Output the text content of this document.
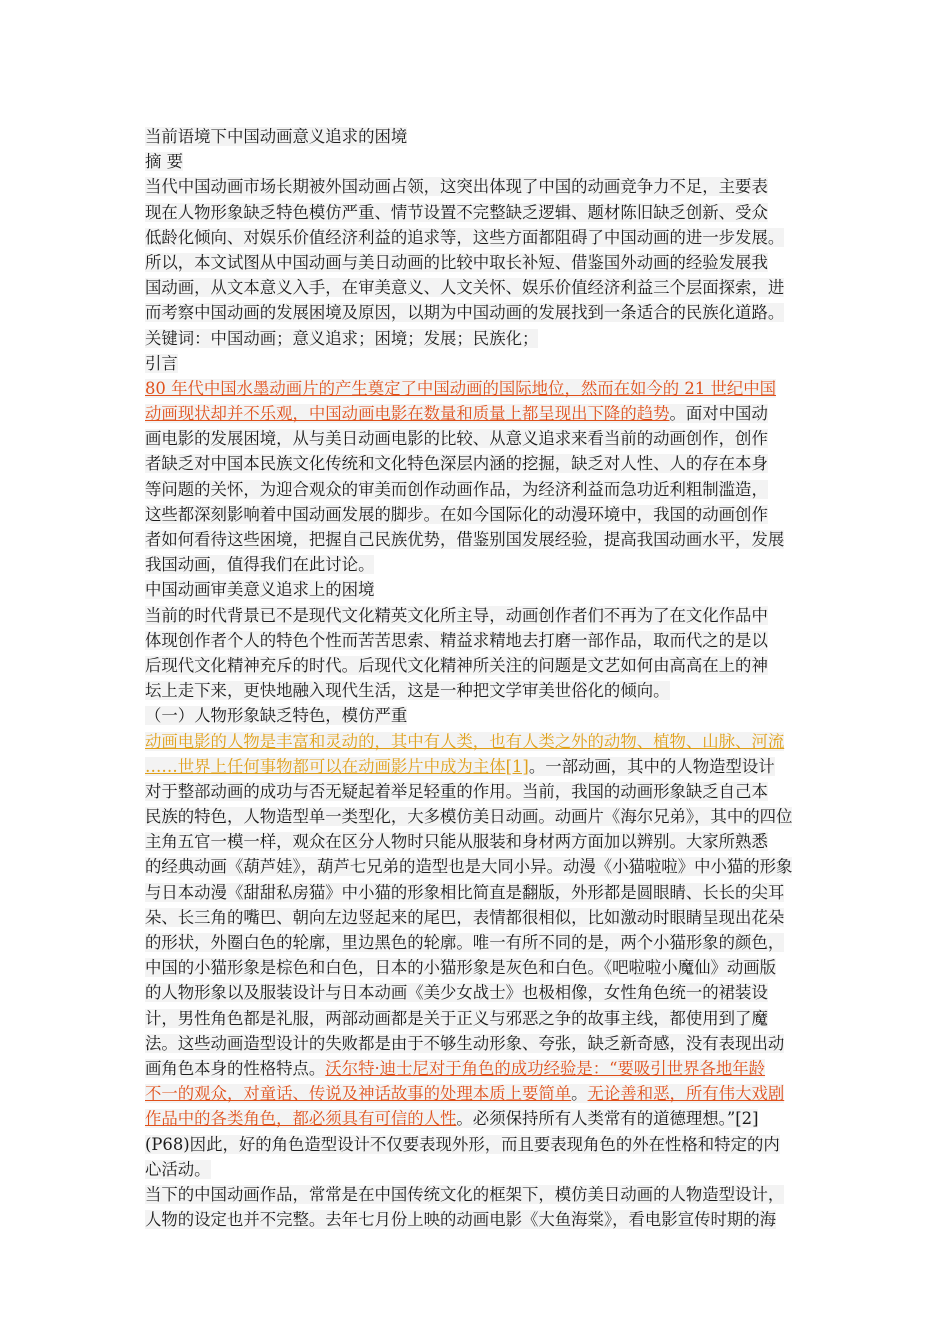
当前语境下中国动画意义追求的困境
摘 要
当代中国动画市场长期被外国动画占领，这突出体现了中国的动画竞争力不足，主要表
现在人物形象缺乏特色模仿严重、情节设置不完整缺乏逻辑、题材陈旧缺乏创新、受众
低龄化倾向、对娱乐价值经济利益的追求等，这些方面都阻碍了中国动画的进一步发展。
所以，本文试图从中国动画与美日动画的比较中取长补短、借鉴国外动画的经验发展我
国动画，从文本意义入手，在审美意义、人文关怀、娱乐价值经济利益三个层面探索，进
而考察中国动画的发展困境及原因，以期为中国动画的发展找到一条适合的民族化道路。
关键词：中国动画；意义追求；困境；发展；民族化；
引言
80 年代中国水墨动画片的产生奠定了中国动画的国际地位，然而在如今的 21 世纪中国
动画现状却并不乐观，中国动画电影在数量和质量上都呈现出下降的趋势。面对中国动
画电影的发展困境，从与美日动画电影的比较、从意义追求来看当前的动画创作，创作
者缺乏对中国本民族文化传统和文化特色深层内涵的挖掘，缺乏对人性、人的存在本身
等问题的关怀，为迎合观众的审美而创作动画作品，为经济利益而急功近利粗制滥造，
这些都深刻影响着中国动画发展的脚步。在如今国际化的动漫环境中，我国的动画创作
者如何看待这些困境，把握自己民族优势，借鉴别国发展经验，提高我国动画水平，发展
我国动画，值得我们在此讨论。
中国动画审美意义追求上的困境
当前的时代背景已不是现代文化精英文化所主导，动画创作者们不再为了在文化作品中
体现创作者个人的特色个性而苦苦思索、精益求精地去打磨一部作品，取而代之的是以
后现代文化精神充斥的时代。后现代文化精神所关注的问题是文艺如何由高高在上的神
坛上走下来，更快地融入现代生活，这是一种把文学审美世俗化的倾向。
（一）人物形象缺乏特色，模仿严重
动画电影的人物是丰富和灵动的，其中有人类，也有人类之外的动物、植物、山脉、河流
……世界上任何事物都可以在动画影片中成为主体[1]。一部动画，其中的人物造型设计
对于整部动画的成功与否无疑起着举足轻重的作用。当前，我国的动画形象缺乏自己本
民族的特色，人物造型单一类型化，大多模仿美日动画。动画片《海尔兄弟》，其中的四位
主角五官一模一样，观众在区分人物时只能从服装和身材两方面加以辨别。大家所熟悉
的经典动画《葫芦娃》，葫芦七兄弟的造型也是大同小异。动漫《小猫啦啦》中小猫的形象
与日本动漫《甜甜私房猫》中小猫的形象相比简直是翻版，外形都是圆眼睛、长长的尖耳
朵、长三角的嘴巴、朝向左边竖起来的尾巴，表情都很相似，比如激动时眼睛呈现出花朵
的形状，外圈白色的轮廓，里边黑色的轮廓。唯一有所不同的是，两个小猫形象的颜色，
中国的小猫形象是棕色和白色，日本的小猫形象是灰色和白色。《吧啦啦小魔仙》动画版
的人物形象以及服装设计与日本动画《美少女战士》也极相像，女性角色统一的裙装设
计，男性角色都是礼服，两部动画都是关于正义与邪恶之争的故事主线，都使用到了魔
法。这些动画造型设计的失败都是由于不够生动形象、夸张，缺乏新奇感，没有表现出动
画角色本身的性格特点。沃尔特·迪士尼对于角色的成功经验是：“要吸引世界各地年龄
不一的观众，对童话、传说及神话故事的处理本质上要简单。无论善和恶，所有伟大戏剧
作品中的各类角色，都必须具有可信的人性。必须保持所有人类常有的道德理想。”[2]
(P68)因此，好的角色造型设计不仅要表现外形，而且要表现角色的外在性格和特定的内
心活动。
当下的中国动画作品，常常是在中国传统文化的框架下，模仿美日动画的人物造型设计，
人物的设定也并不完整。去年七月份上映的动画电影《大鱼海棠》，看电影宣传时期的海
